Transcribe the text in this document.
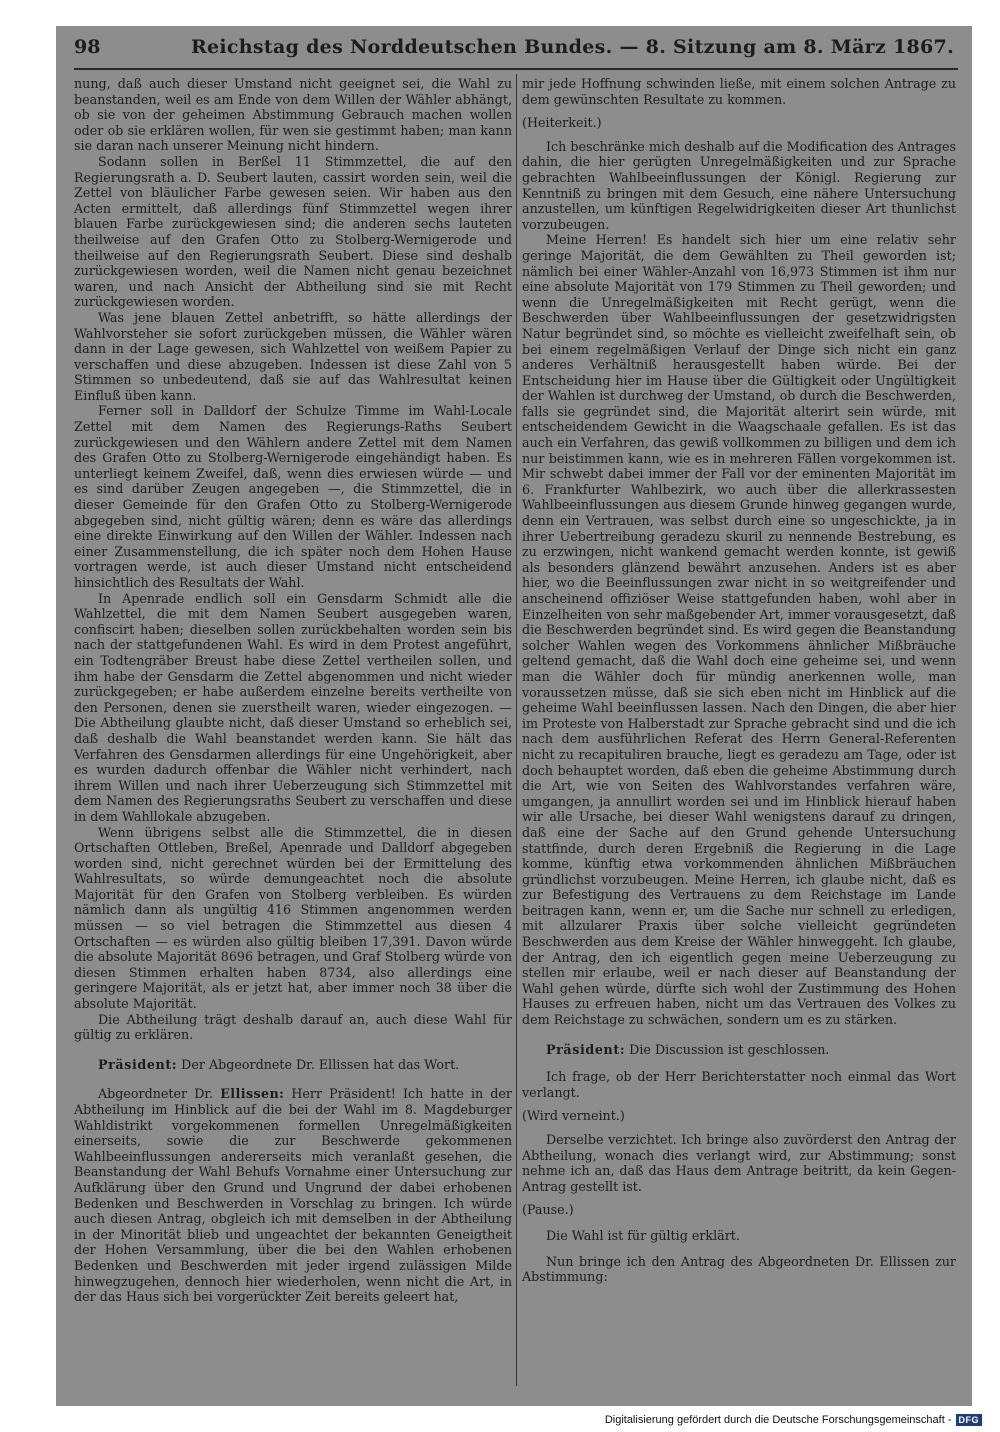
98	Reichstag des Norddeutschen Bundes. — 8. Sitzung am 8. März 1867.

nung, daß auch dieser Umstand nicht geeignet sei, die Wahl zu beanstanden, weil es am Ende von dem Willen der Wähler abhängt, ob sie von der geheimen Abstimmung Gebrauch machen wollen oder ob sie erklären wollen, für wen sie gestimmt haben; man kann sie daran nach unserer Meinung nicht hindern.

Sodann sollen in Berßel 11 Stimmzettel, die auf den Regierungsrath a. D. Seubert lauten, cassirt worden sein, weil die Zettel von bläulicher Farbe gewesen seien. Wir haben aus den Acten ermittelt, daß allerdings fünf Stimmzettel wegen ihrer blauen Farbe zurückgewiesen sind; die anderen sechs lauteten theilweise auf den Grafen Otto zu Stolberg-Wernigerode und theilweise auf den Regierungsrath Seubert. Diese sind deshalb zurückgewiesen worden, weil die Namen nicht genau bezeichnet waren, und nach Ansicht der Abtheilung sind sie mit Recht zurückgewiesen worden.

Was jene blauen Zettel anbetrifft, so hätte allerdings der Wahlvorsteher sie sofort zurückgeben müssen, die Wähler wären dann in der Lage gewesen, sich Wahlzettel von weißem Papier zu verschaffen und diese abzugeben. Indessen ist diese Zahl von 5 Stimmen so unbedeutend, daß sie auf das Wahlresultat keinen Einfluß üben kann.

Ferner soll in Dalldorf der Schulze Timme im Wahl-Locale Zettel mit dem Namen des Regierungs-Raths Seubert zurückgewiesen und den Wählern andere Zettel mit dem Namen des Grafen Otto zu Stolberg-Wernigerode eingehändigt haben. Es unterliegt keinem Zweifel, daß, wenn dies erwiesen würde — und es sind darüber Zeugen angegeben —, die Stimmzettel, die in dieser Gemeinde für den Grafen Otto zu Stolberg-Wernigerode abgegeben sind, nicht gültig wären; denn es wäre das allerdings eine direkte Einwirkung auf den Willen der Wähler. Indessen nach einer Zusammenstellung, die ich später noch dem Hohen Hause vortragen werde, ist auch dieser Umstand nicht entscheidend hinsichtlich des Resultats der Wahl.

In Apenrade endlich soll ein Gensdarm Schmidt alle die Wahlzettel, die mit dem Namen Seubert ausgegeben waren, confiscirt haben; dieselben sollen zurückbehalten worden sein bis nach der stattgefundenen Wahl. Es wird in dem Protest angeführt, ein Todtengräber Breust habe diese Zettel vertheilen sollen, und ihm habe der Gensdarm die Zettel abgenommen und nicht wieder zurückgegeben; er habe außerdem einzelne bereits vertheilte von den Personen, denen sie zuerstheilt waren, wieder eingezogen. — Die Abtheilung glaubte nicht, daß dieser Umstand so erheblich sei, daß deshalb die Wahl beanstandet werden kann. Sie hält das Verfahren des Gensdarmen allerdings für eine Ungehörigkeit, aber es wurden dadurch offenbar die Wähler nicht verhindert, nach ihrem Willen und nach ihrer Ueberzeugung sich Stimmzettel mit dem Namen des Regierungsraths Seubert zu verschaffen und diese in dem Wahllokale abzugeben.

Wenn übrigens selbst alle die Stimmzettel, die in diesen Ortschaften Ottleben, Breßel, Apenrade und Dalldorf abgegeben worden sind, nicht gerechnet würden bei der Ermittelung des Wahlresultats, so würde demungeachtet noch die absolute Majorität für den Grafen von Stolberg verbleiben. Es würden nämlich dann als ungültig 416 Stimmen angenommen werden müssen — so viel betragen die Stimmzettel aus diesen 4 Ortschaften — es würden also gültig bleiben 17,391. Davon würde die absolute Majorität 8696 betragen, und Graf Stolberg würde von diesen Stimmen erhalten haben 8734, also allerdings eine geringere Majorität, als er jetzt hat, aber immer noch 38 über die absolute Majorität.

Die Abtheilung trägt deshalb darauf an, auch diese Wahl für gültig zu erklären.

Präsident: Der Abgeordnete Dr. Ellissen hat das Wort.

Abgeordneter Dr. Ellissen: Herr Präsident! Ich hatte in der Abtheilung im Hinblick auf die bei der Wahl im 8. Magdeburger Wahldistrikt vorgekommenen formellen Unregelmäßigkeiten einerseits, sowie die zur Beschwerde gekommenen Wahlbeeinflussungen andererseits mich veranlaßt gesehen, die Beanstandung der Wahl Behufs Vornahme einer Untersuchung zur Aufklärung über den Grund und Ungrund der dabei erhobenen Bedenken und Beschwerden in Vorschlag zu bringen. Ich würde auch diesen Antrag, obgleich ich mit demselben in der Abtheilung in der Minorität blieb und ungeachtet der bekannten Geneigtheit der Hohen Versammlung, über die bei den Wahlen erhobenen Bedenken und Beschwerden mit jeder irgend zulässigen Milde hinwegzugehen, dennoch hier wiederholen, wenn nicht die Art, in der das Haus sich bei vorgerückter Zeit bereits geleert hat,

mir jede Hoffnung schwinden ließe, mit einem solchen Antrage zu dem gewünschten Resultate zu kommen.

(Heiterkeit.)

Ich beschränke mich deshalb auf die Modification des Antrages dahin, die hier gerügten Unregelmäßigkeiten und zur Sprache gebrachten Wahlbeeinflussungen der Königl. Regierung zur Kenntniß zu bringen mit dem Gesuch, eine nähere Untersuchung anzustellen, um künftigen Regelwidrigkeiten dieser Art thunlichst vorzubeugen.

Meine Herren! Es handelt sich hier um eine relativ sehr geringe Majorität, die dem Gewählten zu Theil geworden ist; nämlich bei einer Wähler-Anzahl von 16,973 Stimmen ist ihm nur eine absolute Majorität von 179 Stimmen zu Theil geworden; und wenn die Unregelmäßigkeiten mit Recht gerügt, wenn die Beschwerden über Wahlbeeinflussungen der gesetzwidrigsten Natur begründet sind, so möchte es vielleicht zweifelhaft sein, ob bei einem regelmäßigen Verlauf der Dinge sich nicht ein ganz anderes Verhältniß herausgestellt haben würde. Bei der Entscheidung hier im Hause über die Gültigkeit oder Ungültigkeit der Wahlen ist durchweg der Umstand, ob durch die Beschwerden, falls sie gegründet sind, die Majorität alterirt sein würde, mit entscheidendem Gewicht in die Waagschaale gefallen. Es ist das auch ein Verfahren, das gewiß vollkommen zu billigen und dem ich nur beistimmen kann, wie es in mehreren Fällen vorgekommen ist. Mir schwebt dabei immer der Fall vor der eminenten Majorität im 6. Frankfurter Wahlbezirk, wo auch über die allerkrassesten Wahlbeeinflussungen aus diesem Grunde hinweg gegangen wurde, denn ein Vertrauen, was selbst durch eine so ungeschickte, ja in ihrer Uebertreibung geradezu skuril zu nennende Bestrebung, es zu erzwingen, nicht wankend gemacht werden konnte, ist gewiß als besonders glänzend bewährt anzusehen. Anders ist es aber hier, wo die Beeinflussungen zwar nicht in so weitgreifender und anscheinend offiziöser Weise stattgefunden haben, wohl aber in Einzelheiten von sehr maßgebender Art, immer vorausgesetzt, daß die Beschwerden begründet sind. Es wird gegen die Beanstandung solcher Wahlen wegen des Vorkommens ähnlicher Mißbräuche geltend gemacht, daß die Wahl doch eine geheime sei, und wenn man die Wähler doch für mündig anerkennen wolle, man voraussetzen müsse, daß sie sich eben nicht im Hinblick auf die geheime Wahl beeinflussen lassen. Nach den Dingen, die aber hier im Proteste von Halberstadt zur Sprache gebracht sind und die ich nach dem ausführlichen Referat des Herrn General-Referenten nicht zu recapituliren brauche, liegt es geradezu am Tage, oder ist doch behauptet worden, daß eben die geheime Abstimmung durch die Art, wie von Seiten des Wahlvorstandes verfahren wäre, umgangen, ja annullirt worden sei und im Hinblick hierauf haben wir alle Ursache, bei dieser Wahl wenigstens darauf zu dringen, daß eine der Sache auf den Grund gehende Untersuchung stattfinde, durch deren Ergebniß die Regierung in die Lage komme, künftig etwa vorkommenden ähnlichen Mißbräuchen gründlichst vorzubeugen. Meine Herren, ich glaube nicht, daß es zur Befestigung des Vertrauens zu dem Reichstage im Lande beitragen kann, wenn er, um die Sache nur schnell zu erledigen, mit allzularer Praxis über solche vielleicht gegründeten Beschwerden aus dem Kreise der Wähler hinweggeht. Ich glaube, der Antrag, den ich eigentlich gegen meine Ueberzeugung zu stellen mir erlaube, weil er nach dieser auf Beanstandung der Wahl gehen würde, dürfte sich wohl der Zustimmung des Hohen Hauses zu erfreuen haben, nicht um das Vertrauen des Volkes zu dem Reichstage zu schwächen, sondern um es zu stärken.

Präsident: Die Discussion ist geschlossen.

Ich frage, ob der Herr Berichterstatter noch einmal das Wort verlangt.

(Wird verneint.)

Derselbe verzichtet. Ich bringe also zuvörderst den Antrag der Abtheilung, wonach dies verlangt wird, zur Abstimmung; sonst nehme ich an, daß das Haus dem Antrage beitritt, da kein Gegen-Antrag gestellt ist.

(Pause.)

Die Wahl ist für gültig erklärt.

Nun bringe ich den Antrag des Abgeordneten Dr. Ellissen zur Abstimmung:

Digitalisierung gefördert durch die Deutsche Forschungsgemeinschaft - DFG
